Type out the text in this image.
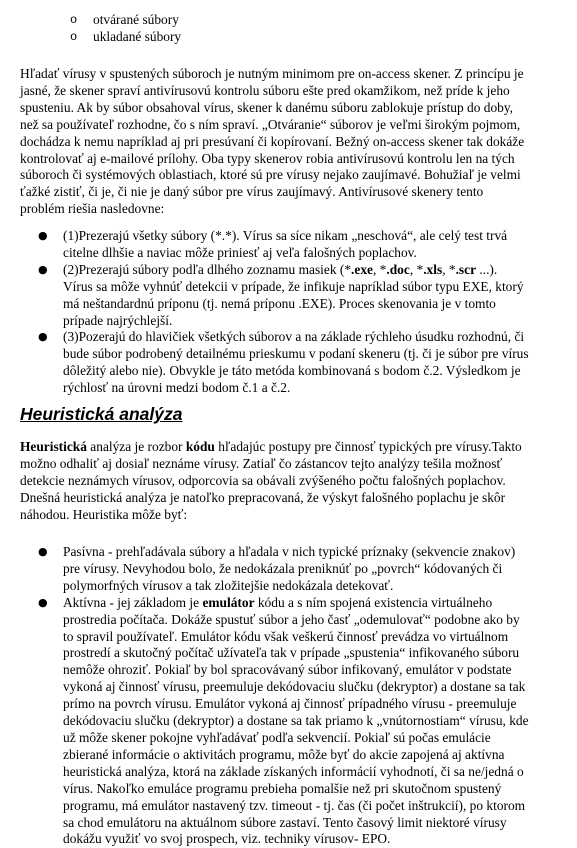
o otvárané súbory
o ukladané súbory

Hľadať vírusy v spustených súboroch je nutným minimom pre on-access skener. Z princípu je
jasné, že skener spraví antivírusovú kontrolu súboru ešte pred okamžikom, než príde k jeho
spusteniu. Ak by súbor obsahoval vírus, skener k danému súboru zablokuje prístup do doby,
než sa používateľ rozhodne, čo s ním spraví. „Otváranie“ súborov je veľmi širokým pojmom,
dochádza k nemu napríklad aj pri presúvaní či kopírovaní. Bežný on-access skener tak dokáže
kontrolovať aj e-mailové prílohy. Oba typy skenerov robia antivírusovú kontrolu len na tých
súboroch či systémových oblastiach, ktoré sú pre vírusy nejako zaujímavé. Bohužiaľ je velmi
ťažké zistiť, či je, či nie je daný súbor pre vírus zaujímavý. Antivírusové skenery tento
problém riešia nasledovne:

● (1)Prezerajú všetky súbory (*.*). Vírus sa síce nikam „neschová“, ale celý test trvá
citelne dlhšie a naviac môže priniesť aj veľa falošných poplachov.
● (2)Prezerajú súbory podľa dlhého zoznamu masiek (*.exe, *.doc, *.xls, *.scr ...).
Vírus sa môže vyhnúť detekcii v prípade, že infikuje napríklad súbor typu EXE, ktorý
má neštandardnú príponu (tj. nemá príponu .EXE). Proces skenovania je v tomto
prípade najrýchlejší.
● (3)Pozerajú do hlavičiek všetkých súborov a na základe rýchleho úsudku rozhodnú, či
bude súbor podrobený detailnému prieskumu v podaní skeneru (tj. či je súbor pre vírus
dôležitý alebo nie). Obvykle je táto metóda kombinovaná s bodom č.2. Výsledkom je
rýchlosť na úrovni medzi bodom č.1 a č.2.
Heuristická analýza

Heuristická analýza je rozbor kódu hľadajúc postupy pre činnosť typických pre vírusy.Takto
možno odhaliť aj dosiaľ neznáme vírusy. Zatiaľ čo zástancov tejto analýzy tešila možnosť
detekcie neznámych vírusov, odporcovia sa obávali zvýšeného počtu falošných poplachov.
Dnešná heuristická analýza je natoľko prepracovaná, že výskyt falošného poplachu je skôr
náhodou. Heuristika môže byť:

● Pasívna - prehľadávala súbory a hľadala v nich typické príznaky (sekvencie znakov)
pre vírusy. Nevyhodou bolo, že nedokázala preniknúť po „povrch“ kódovaných či
polymorfných vírusov a tak zložitejšie nedokázala detekovať.
● Aktívna - jej základom je emulátor kódu a s ním spojená existencia virtuálneho
prostredia počítača. Dokáže spustuť súbor a jeho časť „odemulovať“ podobne ako by
to spravil používateľ. Emulátor kódu však veškerú činnosť prevádza vo virtuálnom
prostredí a skutočný počítač užívateľa tak v prípade „spustenia“ infikovaného súboru
nemôže ohroziť. Pokiaľ by bol spracovávaný súbor infikovaný, emulátor v podstate
vykoná aj činnosť vírusu, preemuluje dekódovaciu slučku (dekryptor) a dostane sa tak
prímo na povrch vírusu. Emulátor vykoná aj činnosť prípadného vírusu - preemuluje
dekódovaciu slučku (dekryptor) a dostane sa tak priamo k „vnútornostiam“ vírusu, kde
už môže skener pokojne vyhľadávať podľa sekvencií. Pokiaľ sú počas emulácie
zbierané informácie o aktivitách programu, môže byť do akcie zapojená aj aktívna
heuristická analýza, ktorá na základe získaných informácií vyhodnotí, či sa ne/jedná o
vírus. Nakoľko emuláce programu prebieha pomalšie než pri skutočnom spustený
programu, má emulátor nastavený tzv. timeout - tj. čas (či počet inštrukcií), po ktorom
sa chod emulátoru na aktuálnom súbore zastaví. Tento časový limit niektoré vírusy
dokážu využiť vo svoj prospech, viz. techniky vírusov- EPO.
